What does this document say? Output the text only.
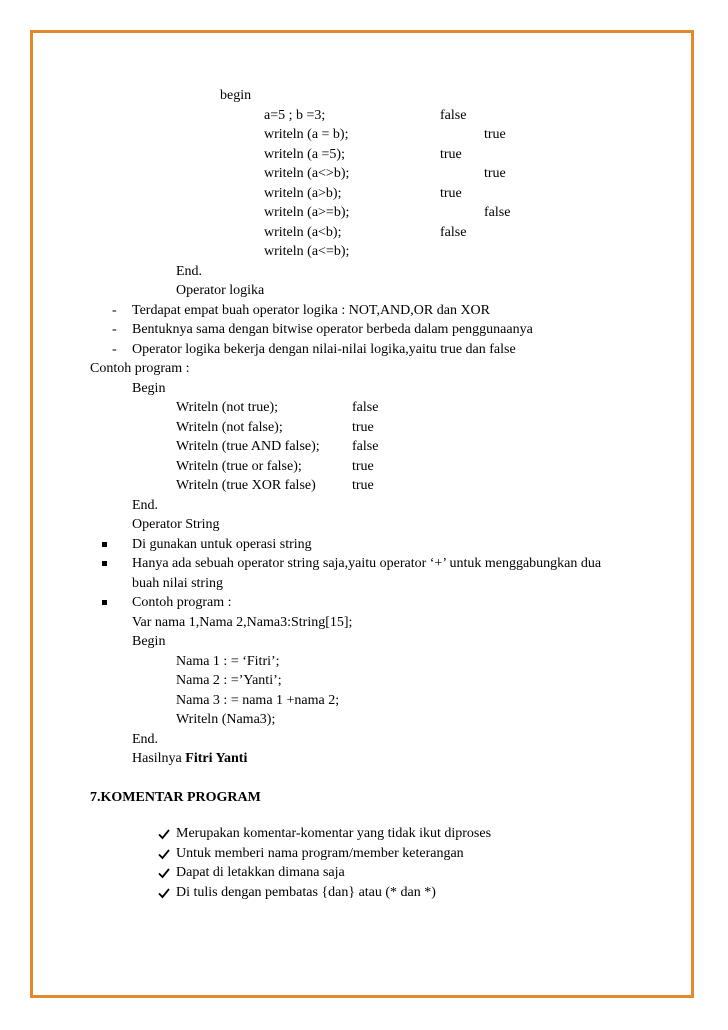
begin
a=5 ; b =3;
writeln (a = b);
writeln (a =5);
writeln (a<>b);
writeln (a>b);
writeln (a>=b);
writeln (a<b);
writeln (a<=b);
false
true
true
true
true
false
false
End.
Operator logika
- Terdapat empat buah operator logika : NOT,AND,OR dan XOR
- Bentuknya sama dengan bitwise operator berbeda dalam penggunaanya
- Operator logika bekerja dengan nilai-nilai logika,yaitu true dan false
Contoh program :
Begin
Writeln (not true);
Writeln (not false);
Writeln (true AND false);
Writeln (true or false);
Writeln (true XOR false)
false
true
false
true
true
End.
Operator String
Di gunakan untuk operasi string
Hanya ada sebuah operator string saja,yaitu operator ‘+’ untuk menggabungkan dua
buah nilai string
Contoh program :
Var nama 1,Nama 2,Nama3:String[15];
Begin
Nama 1 : = ‘Fitri’;
Nama 2 : =’Yanti’;
Nama 3 : = nama 1 +nama 2;
Writeln (Nama3);
End.
Hasilnya Fitri Yanti
7.KOMENTAR PROGRAM
Merupakan komentar-komentar yang tidak ikut diproses
Untuk memberi nama program/member keterangan
Dapat di letakkan dimana saja
Di tulis dengan pembatas {dan} atau (* dan *)
